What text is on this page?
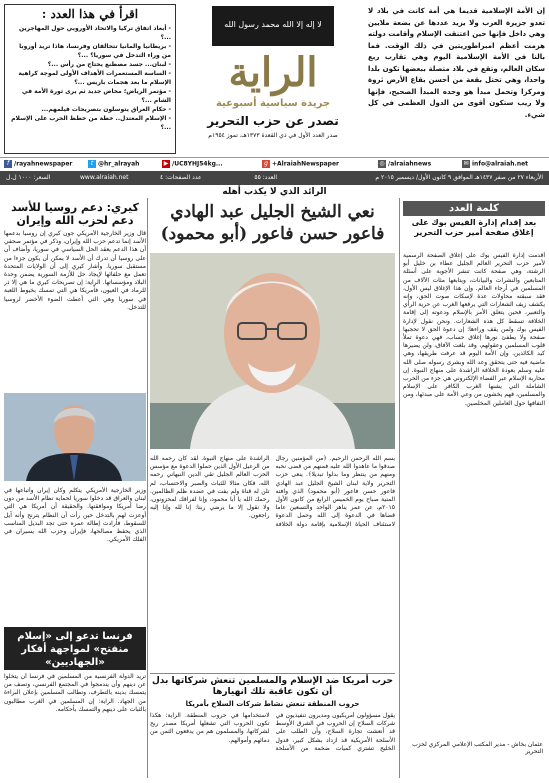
اقرأ في هذا العدد :
- أبعاد اتفاق تركيا والاتحاد الأوروبي حول المهاجرين ...؟
- بريطانيا والمانيا تتحالفان وفرنسا، هاذا تريد أوروبا من وراء التدخل في سوريا؟ ...؟
- لبنان... جسد مصطنع يحتاج من رأس ...؟
- الساسة المستعمرات الأهداف الأولى لموجة كراهية الإسلام ما بعد هجمات باريس ...؟
- مؤتمر الرياض؛ مخاض جديد ثم يرى ثورة الأمة في الشام ...؟
- حكام العراق يتوسلون بتصريحات فيلمهم...
- الإسلام المعتدل.. خطة من خطط الحرب على الإسلام ...؟
لا إله إلا الله محمد رسول الله
الراية
جريدة سياسية أسبوعية
تصدر عن حزب التحرير
صدر العدد الأول في ذي القعدة ١٣٧٣هـ، تموز ١٩٥٤م
إن الأمة الإسلامية قديما هي أمة كانت في بلاد لا تعدو جزيرة العرب ولا يزيد عددها عن بضعة ملايين وهي داخل فإنها حين اعتنقت الإسلام وأقامت دولته هزمت أعظم امبراطوريتين في ذلك الوقت. فما بالنا في الأمة الإسلامية اليوم وهي تقارب ربع سكان العالم، وتقع في بلاد متصلة ببعضها تكون بلدا واحدا، وهي تحتل بقعة من أحسن بقاع الأرض ثروة ومركزا وتحمل مبدأ هو وحده المبدأ الصحيح، فإنها ولا ريب ستكون أقوى من الدول العظمى في كل شيء.
f /rayahnewspaper	t @hr_alrayah	▶ /UC8YHJ54kg...	g +AlraiahNewspaper	◎ /alraiahnews	✉ info@alraiah.net
الأربعاء ٢٧ من صفر ١٤٣٧هـ الموافق ٩ كانون الأول/ ديسمبر ٢٠١٥ م
العدد: ٥٥
عدد الصفحات: ٤
www.alraiah.net
السعر: ١٠٠٠ ل.ل
الرائد الذي لا يكذب أهله
نعي الشيخ الجليل عبد الهادي فاعور حسن فاعور (أبو محمود)
بسم الله الرحمن الرحيم. ﴿من المؤمنين رجال صدقوا ما عاهدوا الله عليه فمنهم من قضى نحبه ومنهم من ينتظر وما بدلوا تبديلا﴾. ينعى حزب التحرير ولاية لبنان الشيخ الجليل عبد الهادي فاعور حسن فاعور (أبو محمود) الذي وافته المنية صباح يوم الخميس الرابع من كانون الأول ٢٠١٥م، عن عمر يناهز الواحد والتسعين عاما قضاها في الدعوة إلى الله وحمل الدعوة لاستئناف الحياة الإسلامية بإقامة دولة الخلافة الراشدة على منهاج النبوة. لقد كان رحمه الله من الرعيل الأول الذين حملوا الدعوة مع مؤسس الحزب العالم الجليل تقي الدين النبهاني رحمه الله، فكان مثالا للثبات والصبر والاحتساب، لم تلن له قناة ولم يفت في عضده ظلم الظالمين. رحمك الله يا أبا محمود، وإنا لفراقك لمحزونون، ولا نقول إلا ما يرضي ربنا: إنا لله وإنا إليه راجعون.
كلمة العدد
بعد إقدام إدارة الفيس بوك على إغلاق صفحة أمير حزب التحرير
أقدمت إدارة الفيس بوك على إغلاق الصفحة الرسمية لأمير حزب التحرير العالم الجليل عطاء بن خليل أبو الرشتة، وهي صفحة كانت تنشر الأجوبة على أسئلة المتابعين والنشرات والبيانات، ويتابعها مئات الآلاف من المسلمين في أرجاء العالم. وإن هذا الإغلاق ليس الأول، فقد سبقته محاولات عدة لإسكات صوت الحق، وإنه يكشف زيف الشعارات التي يرفعها الغرب عن حرية الرأي والتعبير، فحين يتعلق الأمر بالإسلام ودعوته إلى إقامة الخلافة تسقط كل هذه الشعارات. ونحن نقول لإدارة الفيس بوك ولمن يقف وراءها: إن دعوة الحق لا تحجبها صفحة ولا يطفئ نورها إغلاق حساب، فهي دعوة تملأ قلوب المسلمين وعقولهم، وقد بلغت الآفاق، ولن يضيرها كيد الكائدين. وإن الأمة اليوم قد عرفت طريقها، وهي ماضية فيه حتى يتحقق وعد الله وبشرى رسوله صلى الله عليه وسلم بعودة الخلافة الراشدة على منهاج النبوة. إن محاربة الإسلام عبر الفضاء الإلكتروني هي جزء من الحرب الشاملة التي يشنها الغرب الكافر على الإسلام والمسلمين، فهم يخشون من وعي الأمة على مبدئها، ومن التفافها حول العاملين المخلصين.
عثمان بخاش - مدير المكتب الإعلامي المركزي لحزب التحرير
كيري: دعم روسيا للأسد دعم لحزب الله وإيران
قال وزير الخارجية الأمريكي جون كيري إن روسيا بدعمها الأسد إنما تدعم حزب الله وإيران، وذكر في مؤتمر صحفي أن هذا الدعم يعقد الحل السياسي في سوريا، وأضاف أن على روسيا أن تدرك أن الأسد لا يمكن أن يكون جزءا من مستقبل سوريا. وأشار كيري إلى أن الولايات المتحدة تعمل مع حلفائها لإيجاد حل للأزمة السورية يضمن وحدة البلاد ومؤسساتها. الراية: إن تصريحات كيري ما هي إلا ذر للرماد في العيون، فأمريكا هي التي تمسك بخيوط اللعبة في سوريا وهي التي أعطت الضوء الأخضر لروسيا للتدخل.
وزير الخارجية الأمريكي يتكلم وكأن إيران وأتباعها في لبنان والعراق قد دخلوا سوريا لحماية نظام الأسد من دون رضا أمريكا وموافقتها. والحقيقة أن أمريكا هي التي أوعزت لهم بالتدخل حين رأت أن النظام يترنح وأنه آيل للسقوط، فأرادت إطالة عمره حتى تجد البديل المناسب الذي يحفظ مصالحها، فإيران وحزب الله يسيران في الفلك الأمريكي.
فرنسا تدعو إلى «إسلام منفتح» لمواجهة أفكار «الجهاديين»
تريد الدولة الفرنسية من المسلمين في فرنسا أن يتخلوا عن دينهم وأن يندمجوا في المجتمع الفرنسي، وتصف من يتمسك بدينه بالتطرف، وتطالب المسلمين بإعلان البراءة من الجهاد. الراية: إن المسلمين في الغرب مطالبون بالثبات على دينهم والتمسك بأحكامه.
حرب أمريكا ضد الإسلام والمسلمين تنعش شركاتها بدل أن تكون عاقبة تلك انهيارها
حروب المنطقة تنعش نشاط شركات السلاح بأمريكا
يقول مسؤولون أمريكيون ومديرون تنفيذيون في شركات السلاح إن الحروب في الشرق الأوسط قد أنعشت تجارة السلاح، وأن الطلب على الأسلحة الأمريكية قد ازداد بشكل كبير، فدول الخليج تشتري كميات ضخمة من الأسلحة لاستخدامها في حروب المنطقة. الراية: هكذا تكون الحروب التي تشعلها أمريكا مصدر ربح لشركاتها، والمسلمون هم من يدفعون الثمن من دمائهم وأموالهم.
